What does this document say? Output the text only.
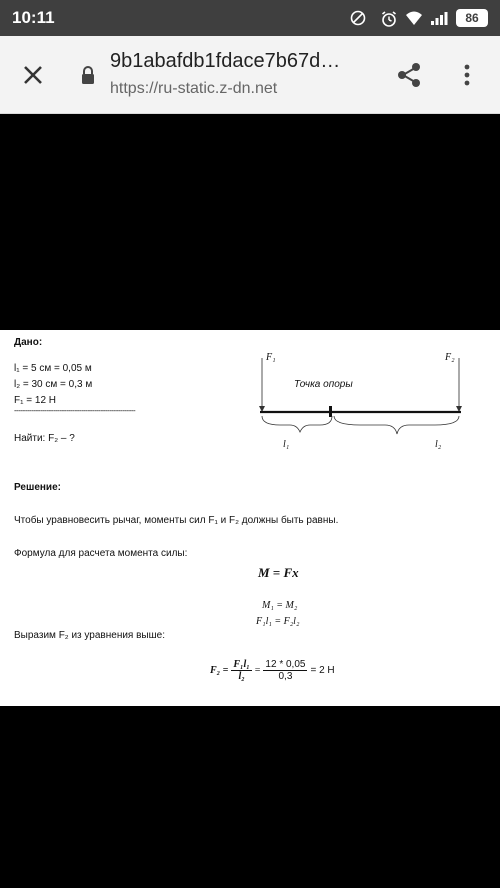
10:11	86
9b1abafdb1fdace7b67d…
https://ru-static.z-dn.net
Дано:
l₁ = 5 см = 0,05 м
l₂ = 30 см = 0,3 м
F₁ = 12 Н
--------------------------------------------------------
Найти: F₂ – ?
F₁	F₂
Точка опоры
l₁	l₂
Решение:
Чтобы уравновесить рычаг, моменты сил F₁ и F₂ должны быть равны.
Формула для расчета момента силы:
M = Fx
M₁ = M₂
F₁l₁ = F₂l₂
Выразим F₂ из уравнения выше:
$F_2 = \frac{\text{F₁l₁}}{\text{l₂}} = \frac{12 * 0,05}{0,3} = 2$ Н
